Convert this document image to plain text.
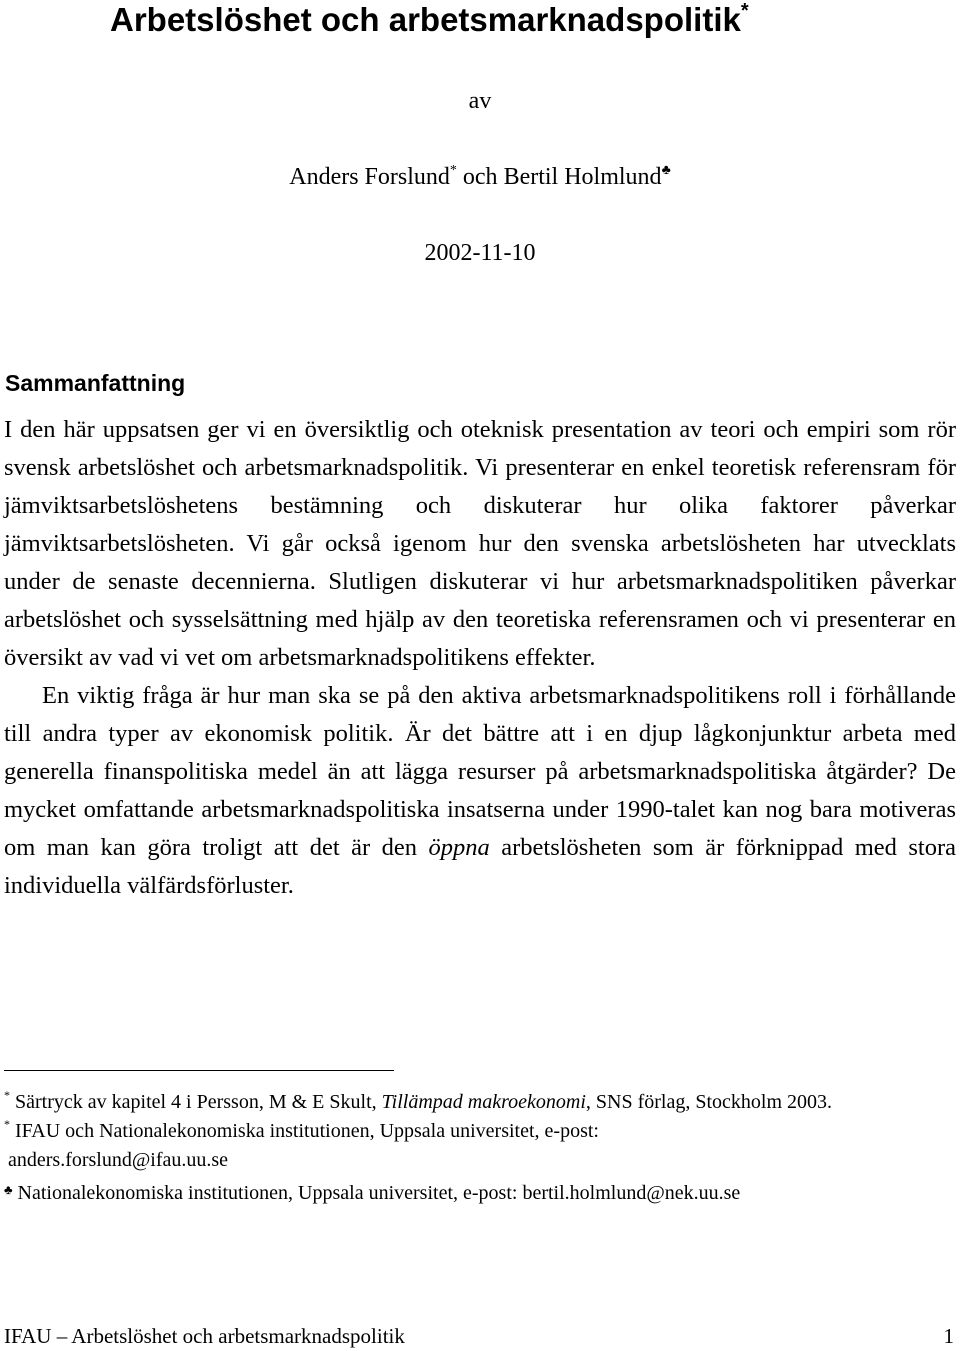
Arbetslöshet och arbetsmarknadspolitik*
av
Anders Forslund* och Bertil Holmlund♣
2002-11-10
Sammanfattning

I den här uppsatsen ger vi en översiktlig och oteknisk presentation av teori och empiri som rör svensk arbetslöshet och arbetsmarknadspolitik. Vi presenterar en enkel teoretisk referensram för jämviktsarbetslöshetens bestämning och diskuterar hur olika faktorer påverkar jämviktsarbetslösheten. Vi går också igenom hur den svenska arbetslösheten har utvecklats under de senaste decennierna. Slutligen diskuterar vi hur arbetsmarknadspolitiken påverkar arbetslöshet och sysselsättning med hjälp av den teoretiska referensramen och vi presenterar en översikt av vad vi vet om arbetsmarknadspolitikens effekter.

En viktig fråga är hur man ska se på den aktiva arbetsmarknadspolitikens roll i förhållande till andra typer av ekonomisk politik. Är det bättre att i en djup lågkonjunktur arbeta med generella finanspolitiska medel än att lägga resurser på arbetsmarknadspolitiska åtgärder? De mycket omfattande arbetsmarknadspolitiska insatserna under 1990-talet kan nog bara motiveras om man kan göra troligt att det är den öppna arbetslösheten som är förknippad med stora individuella välfärdsförluster.

* Särtryck av kapitel 4 i Persson, M & E Skult, Tillämpad makroekonomi, SNS förlag, Stockholm 2003.

* IFAU och Nationalekonomiska institutionen, Uppsala universitet, e-post:

anders.forslund@ifau.uu.se

♣ Nationalekonomiska institutionen, Uppsala universitet, e-post: bertil.holmlund@nek.uu.se

IFAU – Arbetslöshet och arbetsmarknadspolitik	1
